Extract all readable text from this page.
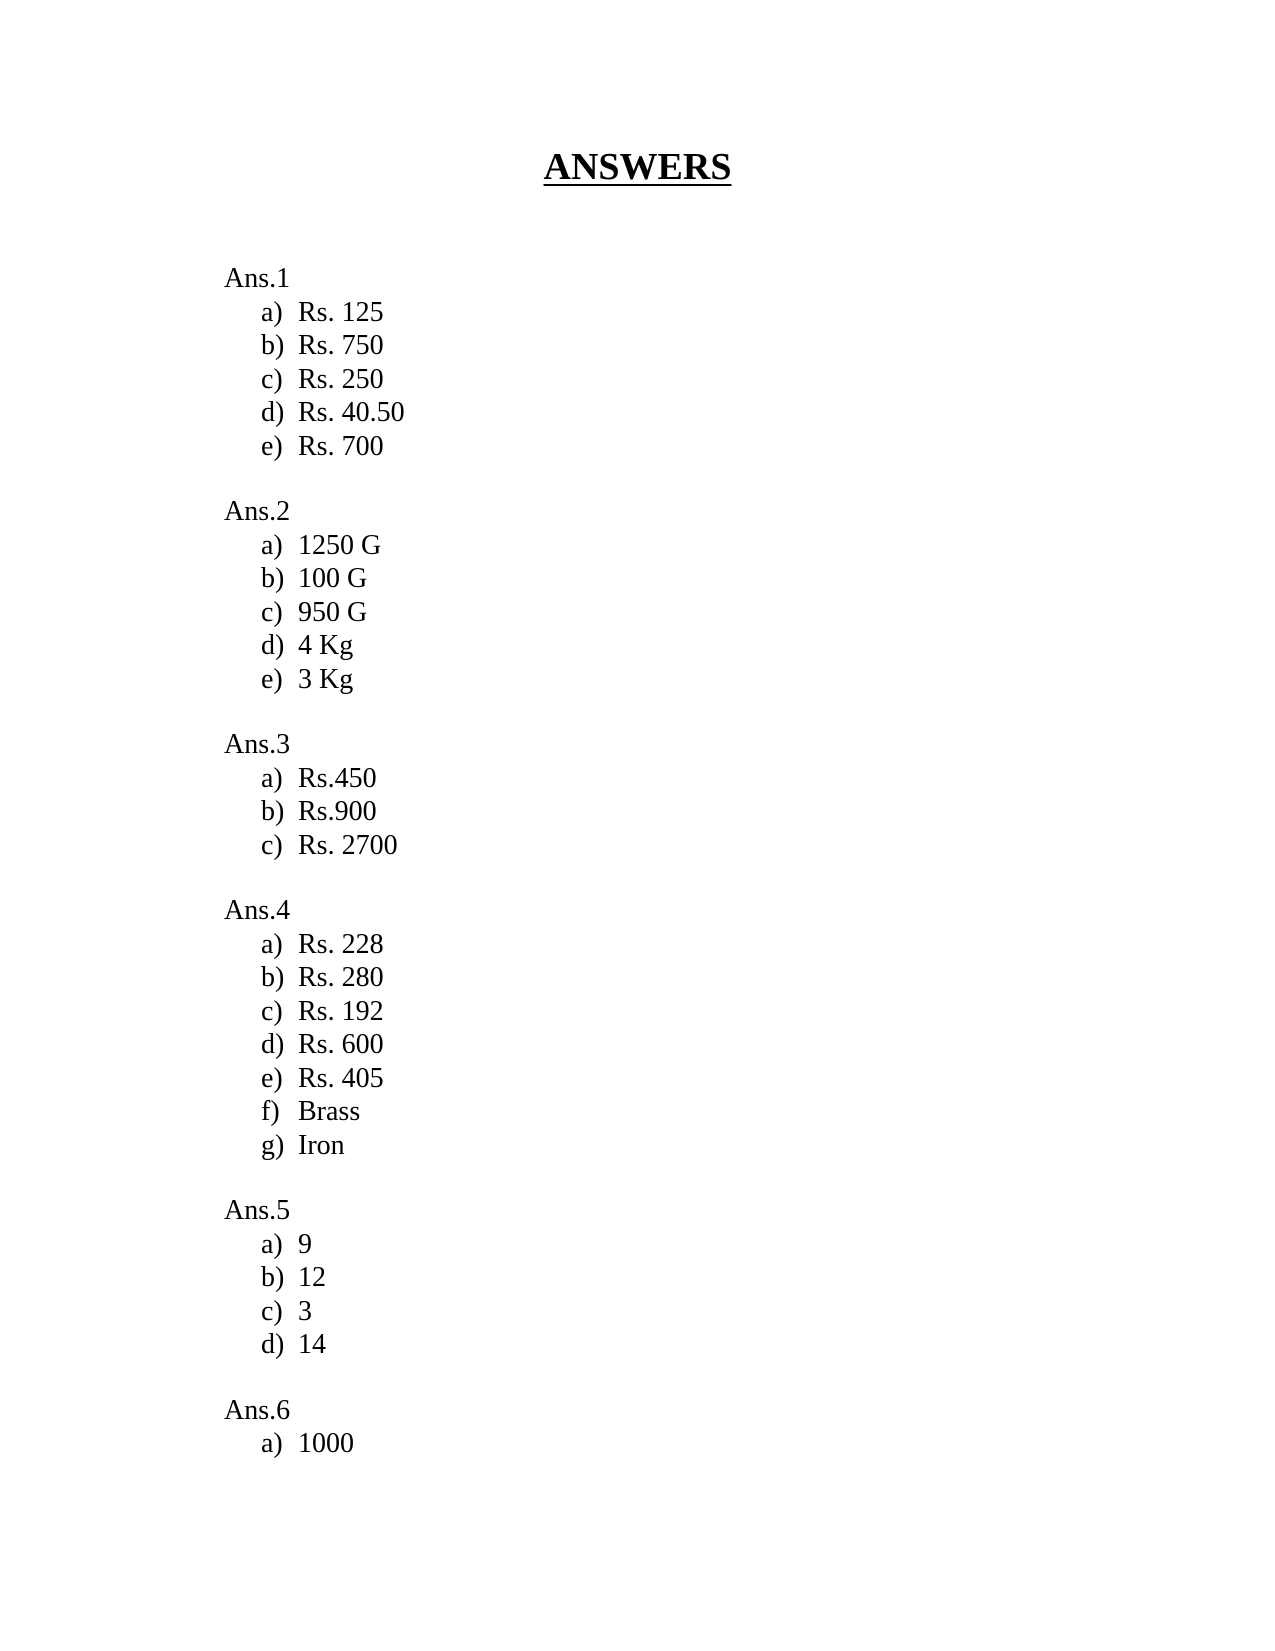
ANSWERS
Ans.1
a) Rs. 125
b) Rs. 750
c) Rs. 250
d) Rs. 40.50
e) Rs. 700
Ans.2
a) 1250 G
b) 100 G
c) 950 G
d) 4 Kg
e) 3 Kg
Ans.3
a) Rs.450
b) Rs.900
c) Rs. 2700
Ans.4
a) Rs. 228
b) Rs. 280
c) Rs. 192
d) Rs. 600
e) Rs. 405
f) Brass
g) Iron
Ans.5
a) 9
b) 12
c) 3
d) 14
Ans.6
a) 1000
